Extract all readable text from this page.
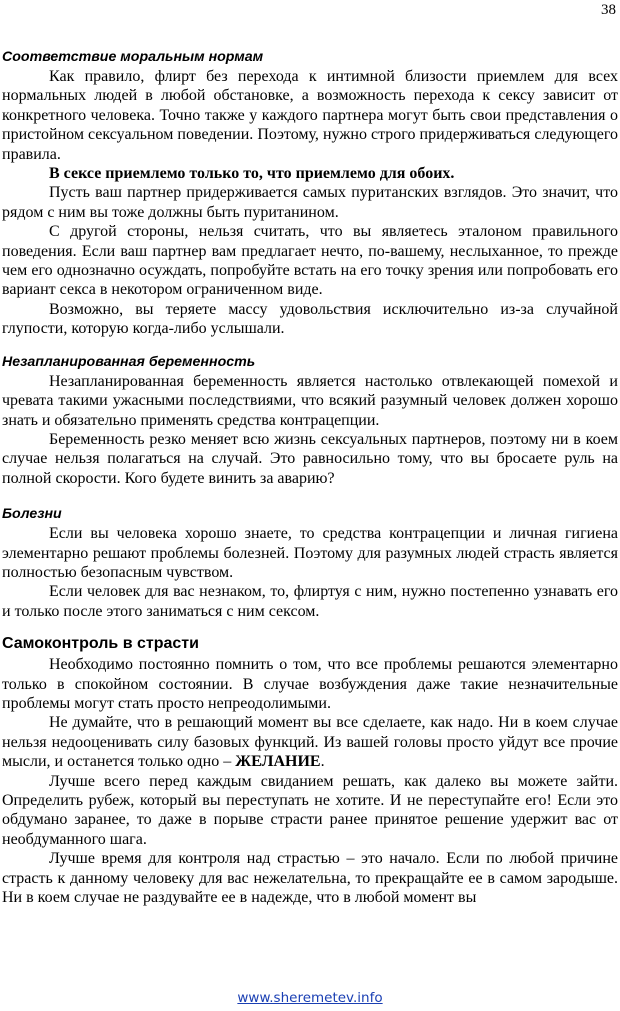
38
Соответствие моральным нормам

Как правило, флирт без перехода к интимной близости приемлем для всех нормальных людей в любой обстановке, а возможность перехода к сексу зависит от конкретного человека. Точно также у каждого партнера могут быть свои представления о пристойном сексуальном поведении. Поэтому, нужно строго придерживаться следующего правила.

В сексе приемлемо только то, что приемлемо для обоих.

Пусть ваш партнер придерживается самых пуританских взглядов. Это значит, что рядом с ним вы тоже должны быть пуританином.

С другой стороны, нельзя считать, что вы являетесь эталоном правильного поведения. Если ваш партнер вам предлагает нечто, по-вашему, неслыханное, то прежде чем его однозначно осуждать, попробуйте встать на его точку зрения или попробовать его вариант секса в некотором ограниченном виде.

Возможно, вы теряете массу удовольствия исключительно из-за случайной глупости, которую когда-либо услышали.

Незапланированная беременность

Незапланированная беременность является настолько отвлекающей помехой и чревата такими ужасными последствиями, что всякий разумный человек должен хорошо знать и обязательно применять средства контрацепции.

Беременность резко меняет всю жизнь сексуальных партнеров, поэтому ни в коем случае нельзя полагаться на случай. Это равносильно тому, что вы бросаете руль на полной скорости. Кого будете винить за аварию?

Болезни

Если вы человека хорошо знаете, то средства контрацепции и личная гигиена элементарно решают проблемы болезней. Поэтому для разумных людей страсть является полностью безопасным чувством.

Если человек для вас незнаком, то, флиртуя с ним, нужно постепенно узнавать его и только после этого заниматься с ним сексом.

Самоконтроль в страсти

Необходимо постоянно помнить о том, что все проблемы решаются элементарно только в спокойном состоянии. В случае возбуждения даже такие незначительные проблемы могут стать просто непреодолимыми.

Не думайте, что в решающий момент вы все сделаете, как надо. Ни в коем случае нельзя недооценивать силу базовых функций. Из вашей головы просто уйдут все прочие мысли, и останется только одно – ЖЕЛАНИЕ.

Лучше всего перед каждым свиданием решать, как далеко вы можете зайти. Определить рубеж, который вы переступать не хотите. И не переступайте его! Если это обдумано заранее, то даже в порыве страсти ранее принятое решение удержит вас от необдуманного шага.

Лучше время для контроля над страстью – это начало. Если по любой причине страсть к данному человеку для вас нежелательна, то прекращайте ее в самом зародыше. Ни в коем случае не раздувайте ее в надежде, что в любой момент вы

www.sheremetev.info
